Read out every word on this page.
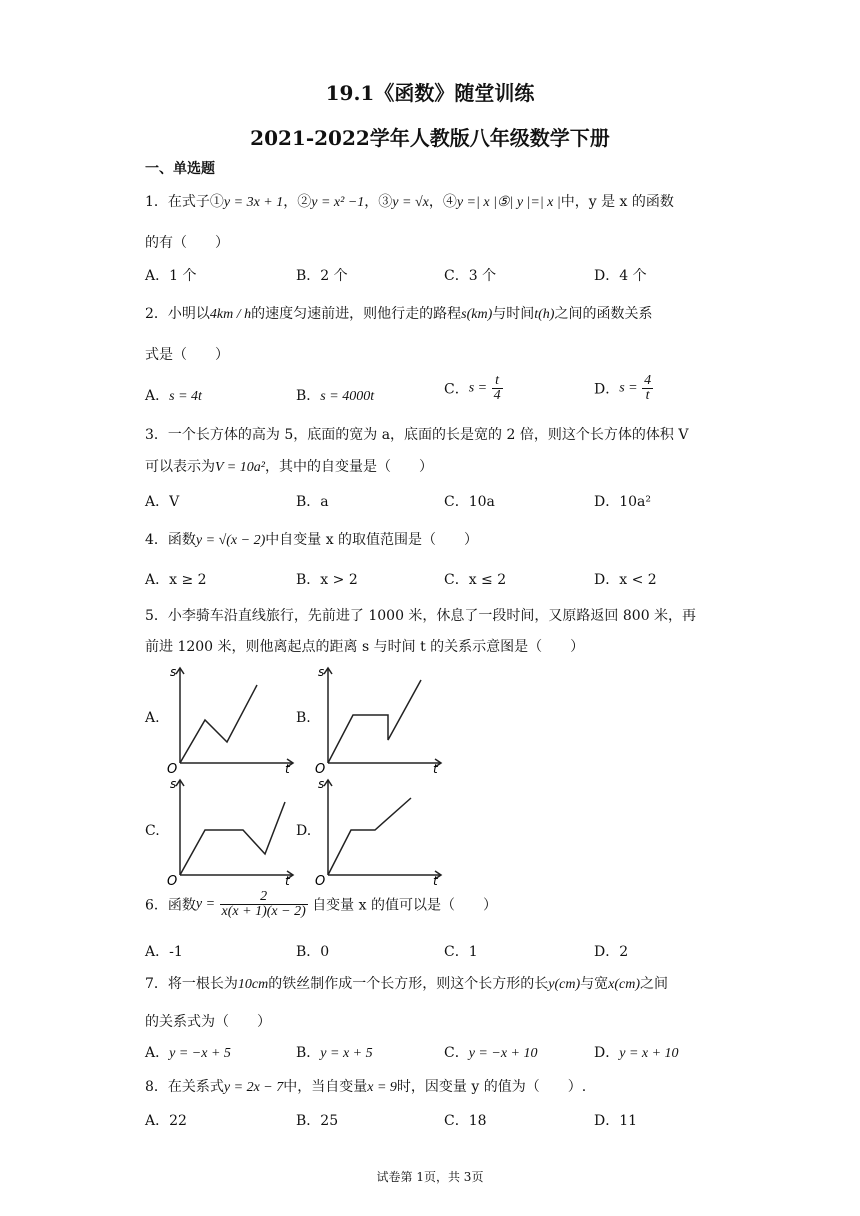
19.1《函数》随堂训练
2021-2022学年人教版八年级数学下册
一、单选题
1．在式子①y = 3x + 1，②y = x² −1，③y = √x，④y =| x |⑤| y |=| x |中，y 是 x 的函数
的有（　　）
A．1 个	B．2 个	C．3 个	D．4 个
2．小明以4km / h的速度匀速前进，则他行走的路程s(km)与时间t(h)之间的函数关系
式是（　　）
A．s = 4t	B．s = 4000t	C．$s = \frac{t}{4}$	D．$s = \frac{4}{t}$
3．一个长方体的高为 5，底面的宽为 a，底面的长是宽的 2 倍，则这个长方体的体积 V
可以表示为V = 10a²，其中的自变量是（　　）
A．V	B．a	C．10a	D．10a²
4．函数y = √(x − 2)中自变量 x 的取值范围是（　　）
A．x ≥ 2	B．x > 2	C．x ≤ 2	D．x < 2
5．小李骑车沿直线旅行，先前进了 1000 米，休息了一段时间，又原路返回 800 米，再
前进 1200 米，则他离起点的距离 s 与时间 t 的关系示意图是（　　）
A.	B.
C.	D.
s
t
O
s
t
O
s
t
O
s
t
O
6．函数$y = \frac{2}{x(x + 1)(x - 2)}$ 自变量 x 的值可以是（　　）
A．-1	B．0	C．1	D．2
7．将一根长为10cm的铁丝制作成一个长方形，则这个长方形的长y(cm)与宽x(cm)之间
的关系式为（　　）
A．y = −x + 5	B．y = x + 5	C．y = −x + 10	D．y = x + 10
8．在关系式y = 2x − 7中，当自变量x = 9时，因变量 y 的值为（　　）.
A．22	B．25	C．18	D．11
试卷第 1页，共 3页
